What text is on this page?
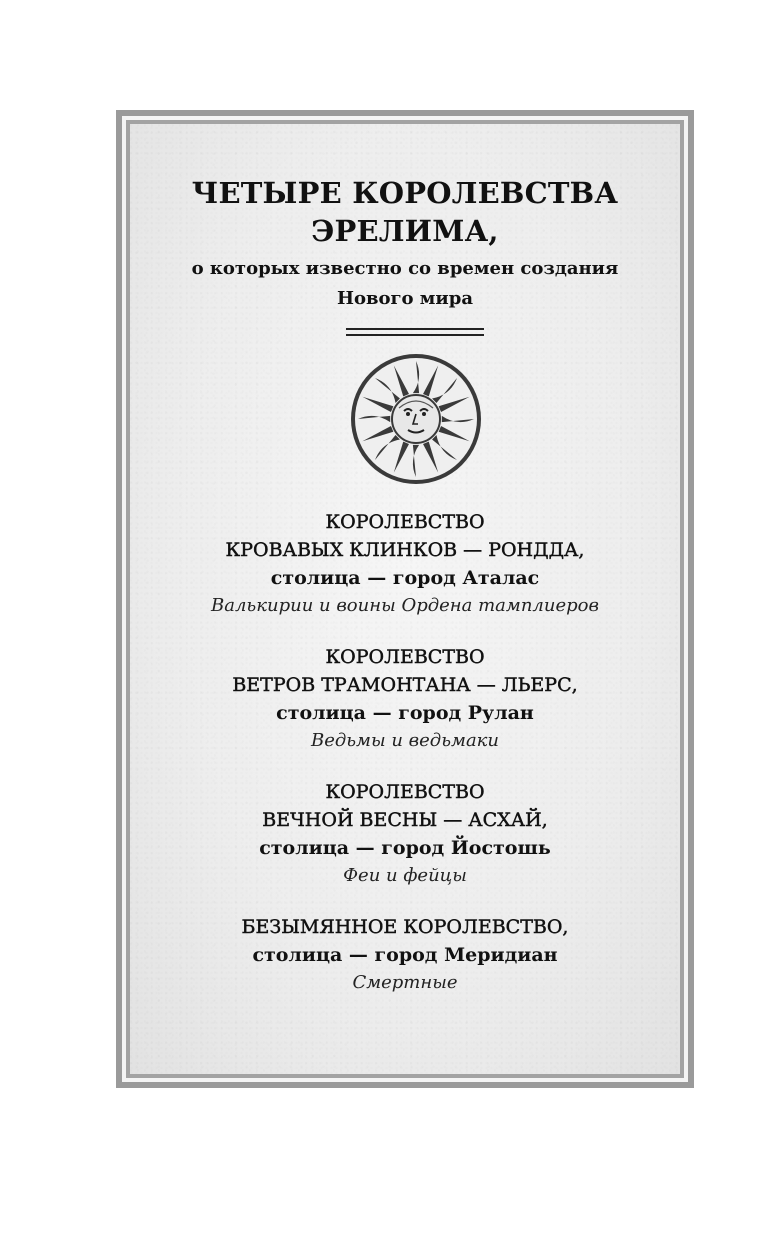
ЧЕТЫРЕ КОРОЛЕВСТВА
ЭРЕЛИМА,
о которых известно со времен создания
Нового мира
КОРОЛЕВСТВО
КРОВАВЫХ КЛИНКОВ — РОНДДА,
столица — город Аталас
Валькирии и воины Ордена тамплиеров
КОРОЛЕВСТВО
ВЕТРОВ ТРАМОНТАНА — ЛЬЕРС,
столица — город Рулан
Ведьмы и ведьмаки
КОРОЛЕВСТВО
ВЕЧНОЙ ВЕСНЫ — АСХАЙ,
столица — город Йостошь
Феи и фейцы
БЕЗЫМЯННОЕ КОРОЛЕВСТВО,
столица — город Меридиан
Смертные
